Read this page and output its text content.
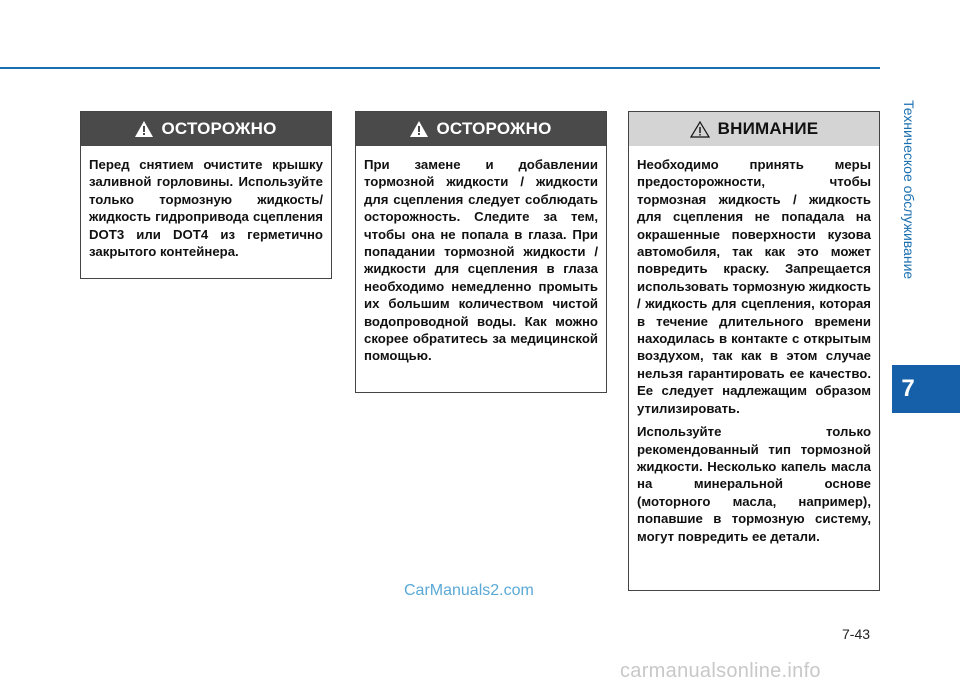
Техническое обслуживание
7
ОСТОРОЖНО

Перед снятием очистите крышку заливной горловины. Используйте только тормозную жидкость/жидкость гидропривода сцепления DOT3 или DOT4 из герметично закрытого контейнера.

ОСТОРОЖНО

При замене и добавлении тормозной жидкости / жидкости для сцепления следует соблюдать осторожность. Следите за тем, чтобы она не попала в глаза. При попадании тормозной жидкости / жидкости для сцепления в глаза необходимо немедленно промыть их большим количеством чистой водопроводной воды. Как можно скорее обратитесь за медицинской помощью.

ВНИМАНИЕ

Необходимо принять меры предосторожности, чтобы тормозная жидкость / жидкость для сцепления не попадала на окрашенные поверхности кузова автомобиля, так как это может повредить краску. Запрещается использовать тормозную жидкость / жидкость для сцепления, которая в течение длительного времени находилась в контакте с открытым воздухом, так как в этом случае нельзя гарантировать ее качество. Ее следует надлежащим образом утилизировать.

Используйте только рекомендованный тип тормозной жидкости. Несколько капель масла на минеральной основе (моторного масла, например), попавшие в тормозную систему, могут повредить ее детали.

CarManuals2.com
7-43
carmanualsonline.info
